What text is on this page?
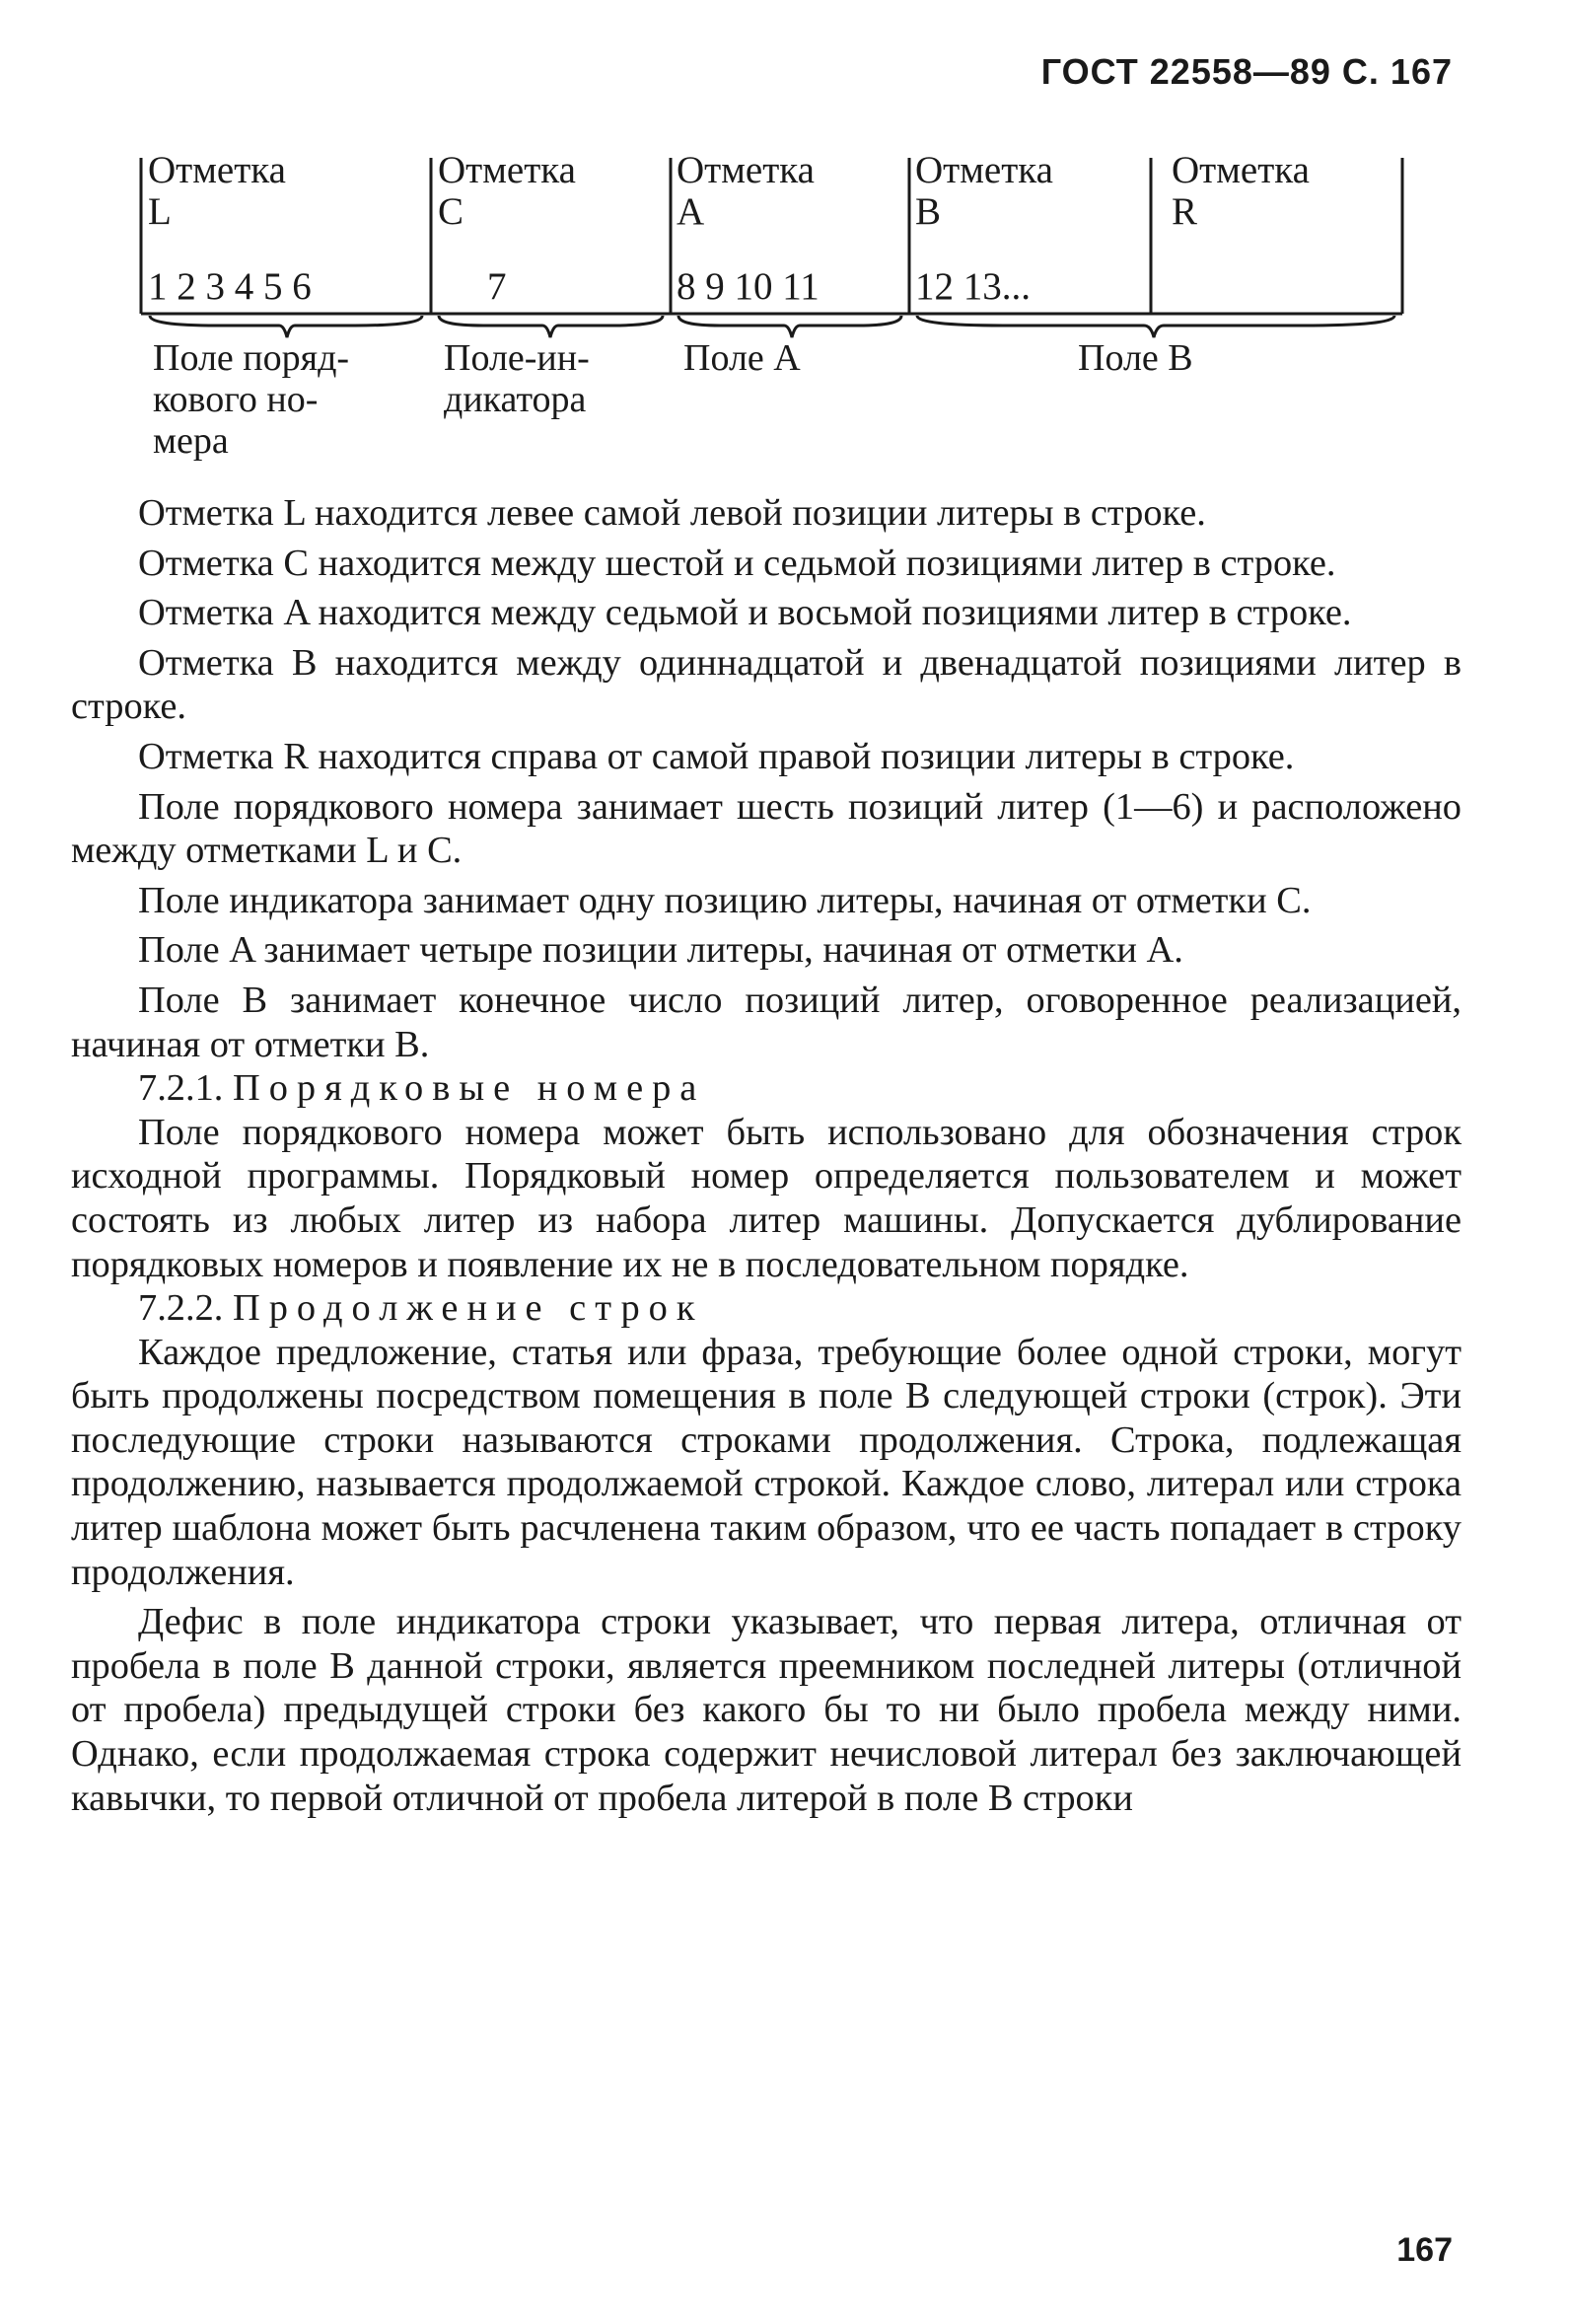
ГОСТ 22558—89 С. 167
Отметка
L
1 2 3 4 5 6
Отметка
C
7
Отметка
A
8 9 10 11
Отметка
B
12 13...
Отметка
R
Поле поряд-
кового но-
мера
Поле-ин-
дикатора
Поле A	Поле B

Отметка L находится левее самой левой позиции литеры в строке.

Отметка C находится между шестой и седьмой позициями литер в строке.

Отметка A находится между седьмой и восьмой позициями литер в строке.

Отметка B находится между одиннадцатой и двенадцатой позициями литер в строке.

Отметка R находится справа от самой правой позиции литеры в строке.

Поле порядкового номера занимает шесть позиций литер (1—6) и расположено между отметками L и C.

Поле индикатора занимает одну позицию литеры, начиная от отметки C.

Поле A занимает четыре позиции литеры, начиная от отметки A.

Поле B занимает конечное число позиций литер, оговоренное реализацией, начиная от отметки B.

7.2.1. Порядковые номера

Поле порядкового номера может быть использовано для обозначения строк исходной программы. Порядковый номер определяется пользователем и может состоять из любых литер из набора литер машины. Допускается дублирование порядковых номеров и появление их не в последовательном порядке.

7.2.2. Продолжение строк

Каждое предложение, статья или фраза, требующие более одной строки, могут быть продолжены посредством помещения в поле B следующей строки (строк). Эти последующие строки называются строками продолжения. Строка, подлежащая продолжению, называется продолжаемой строкой. Каждое слово, литерал или строка литер шаблона может быть расчленена таким образом, что ее часть попадает в строку продолжения.

Дефис в поле индикатора строки указывает, что первая литера, отличная от пробела в поле B данной строки, является преемником последней литеры (отличной от пробела) предыдущей строки без какого бы то ни было пробела между ними. Однако, если продолжаемая строка содержит нечисловой литерал без заключающей кавычки, то первой отличной от пробела литерой в поле B строки

167
